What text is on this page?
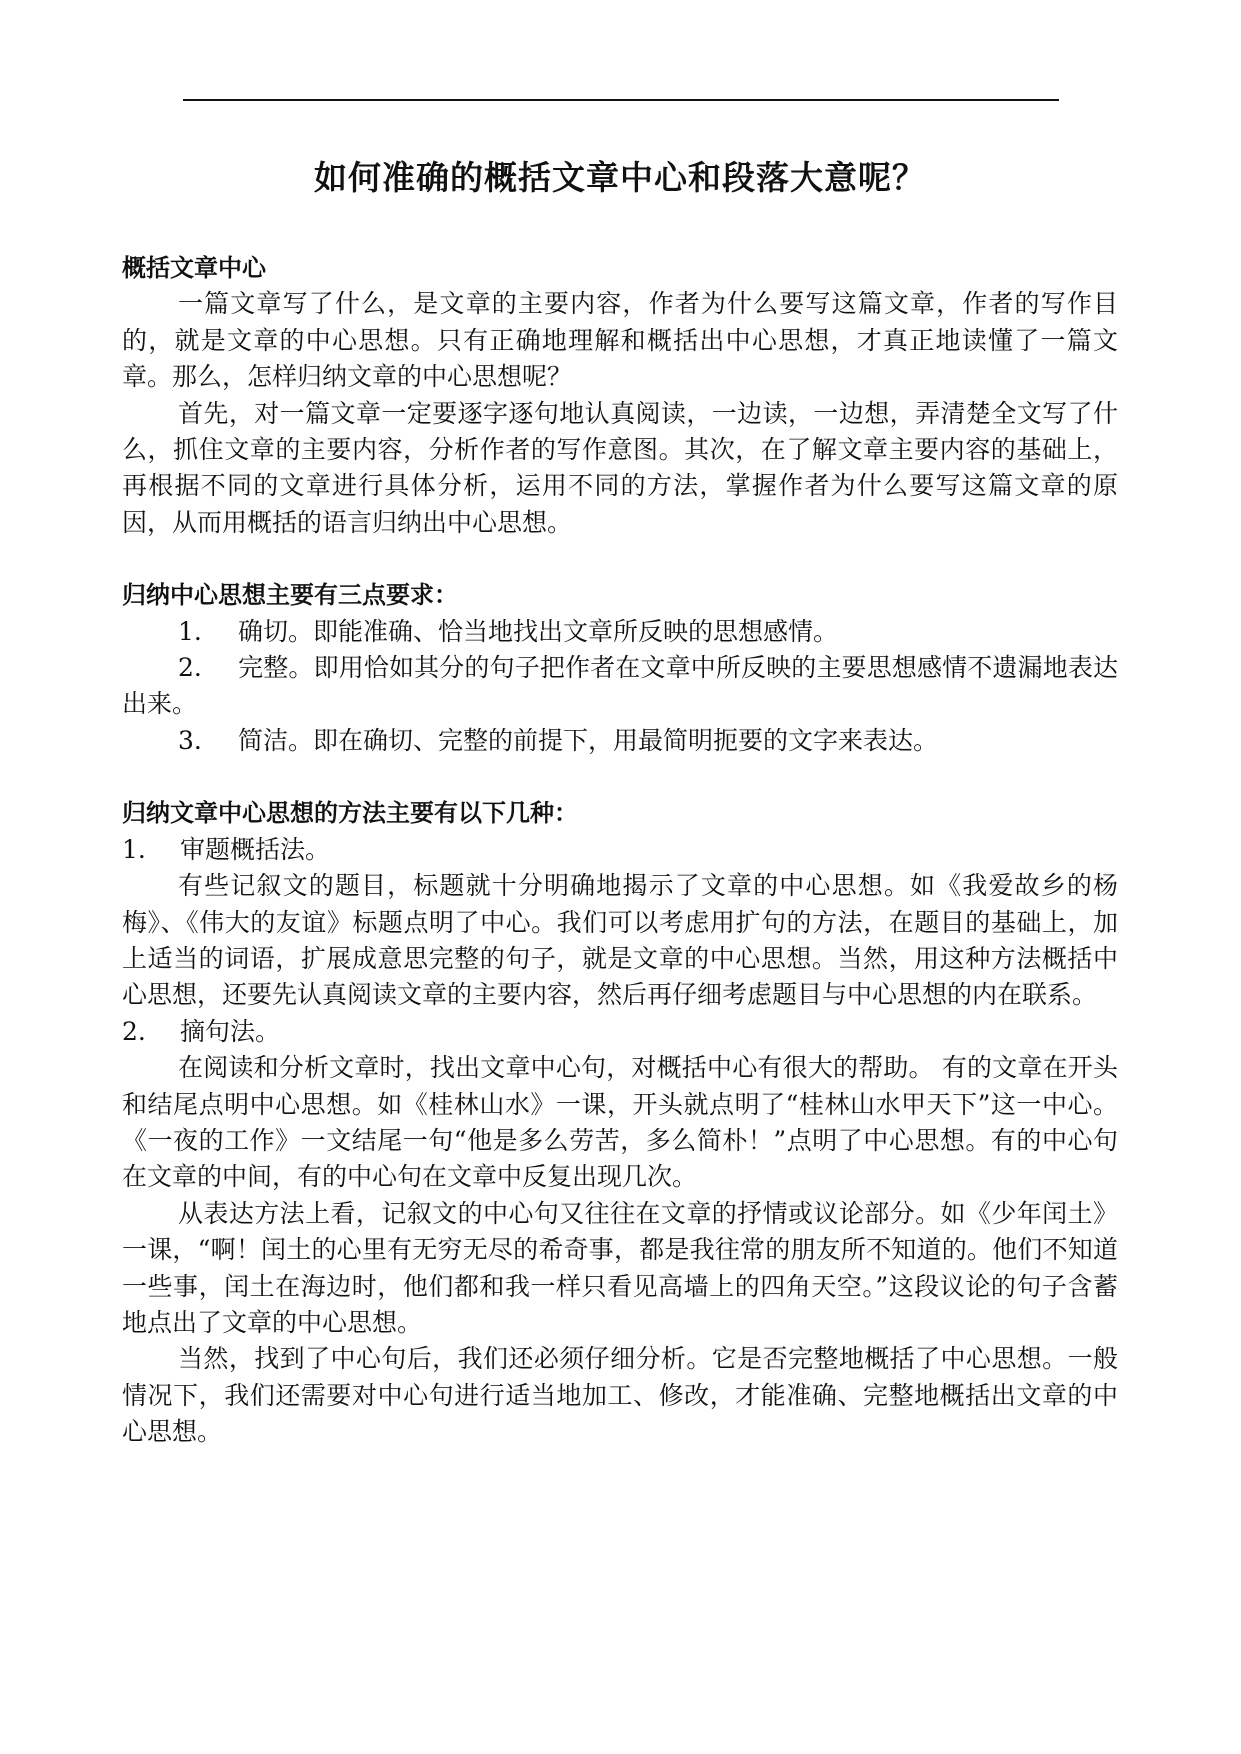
如何准确的概括文章中心和段落大意呢？

概括文章中心

一篇文章写了什么，是文章的主要内容，作者为什么要写这篇文章，作者的写作目的，就是文章的中心思想。只有正确地理解和概括出中心思想，才真正地读懂了一篇文章。那么，怎样归纳文章的中心思想呢？

首先，对一篇文章一定要逐字逐句地认真阅读，一边读，一边想，弄清楚全文写了什么，抓住文章的主要内容，分析作者的写作意图。其次，在了解文章主要内容的基础上，再根据不同的文章进行具体分析，运用不同的方法，掌握作者为什么要写这篇文章的原因，从而用概括的语言归纳出中心思想。

归纳中心思想主要有三点要求：

1. 确切。即能准确、恰当地找出文章所反映的思想感情。

2. 完整。即用恰如其分的句子把作者在文章中所反映的主要思想感情不遗漏地表达出来。

3. 简洁。即在确切、完整的前提下，用最简明扼要的文字来表达。

归纳文章中心思想的方法主要有以下几种：

1. 审题概括法。

有些记叙文的题目，标题就十分明确地揭示了文章的中心思想。如《我爱故乡的杨梅》、《伟大的友谊》标题点明了中心。我们可以考虑用扩句的方法，在题目的基础上，加上适当的词语，扩展成意思完整的句子，就是文章的中心思想。当然，用这种方法概括中心思想，还要先认真阅读文章的主要内容，然后再仔细考虑题目与中心思想的内在联系。

2. 摘句法。

在阅读和分析文章时，找出文章中心句，对概括中心有很大的帮助。 有的文章在开头和结尾点明中心思想。如《桂林山水》一课，开头就点明了“桂林山水甲天下”这一中心。《一夜的工作》一文结尾一句“他是多么劳苦，多么简朴！”点明了中心思想。有的中心句在文章的中间，有的中心句在文章中反复出现几次。

从表达方法上看，记叙文的中心句又往往在文章的抒情或议论部分。如《少年闰土》一课，“啊！闰土的心里有无穷无尽的希奇事，都是我往常的朋友所不知道的。他们不知道一些事，闰土在海边时，他们都和我一样只看见高墙上的四角天空。”这段议论的句子含蓄地点出了文章的中心思想。

当然，找到了中心句后，我们还必须仔细分析。它是否完整地概括了中心思想。一般情况下，我们还需要对中心句进行适当地加工、修改，才能准确、完整地概括出文章的中心思想。
